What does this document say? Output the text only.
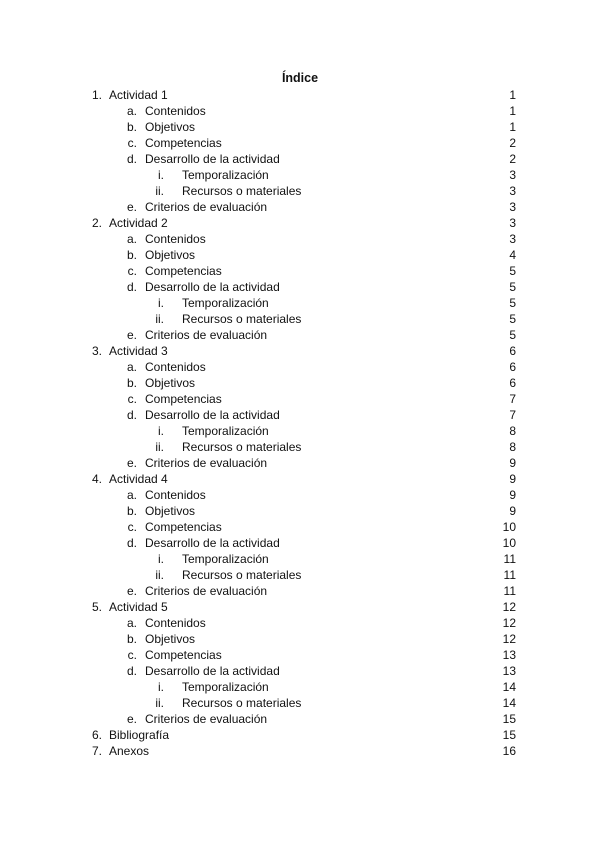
Índice
1. Actividad 1	1
a. Contenidos	1
b. Objetivos	1
c. Competencias	2
d. Desarrollo de la actividad	2
i. Temporalización	3
ii. Recursos o materiales	3
e. Criterios de evaluación	3
2. Actividad 2	3
a. Contenidos	3
b. Objetivos	4
c. Competencias	5
d. Desarrollo de la actividad	5
i. Temporalización	5
ii. Recursos o materiales	5
e. Criterios de evaluación	5
3. Actividad 3	6
a. Contenidos	6
b. Objetivos	6
c. Competencias	7
d. Desarrollo de la actividad	7
i. Temporalización	8
ii. Recursos o materiales	8
e. Criterios de evaluación	9
4. Actividad 4	9
a. Contenidos	9
b. Objetivos	9
c. Competencias	10
d. Desarrollo de la actividad	10
i. Temporalización	11
ii. Recursos o materiales	11
e. Criterios de evaluación	11
5. Actividad 5	12
a. Contenidos	12
b. Objetivos	12
c. Competencias	13
d. Desarrollo de la actividad	13
i. Temporalización	14
ii. Recursos o materiales	14
e. Criterios de evaluación	15
6. Bibliografía	15
7. Anexos	16
